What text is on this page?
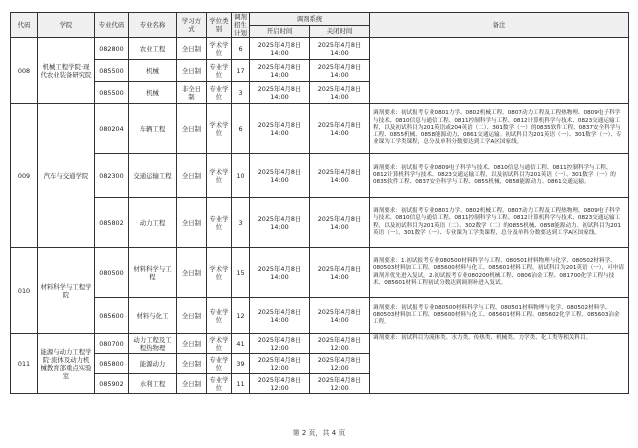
代码	学院	专业代码	专业名称	学习方式	学位类别	调剂招生计划	调剂系统		备注
							开启时间	关闭时间	
008	机械工程学院·现代农业装备研究院	082800	农业工程	全日制	学术学位	6	2025年4月8日
14:00	2025年4月8日
14:00	
		085500	机械	全日制	专业学位	17	2025年4月8日
14:00	2025年4月8日
14:00	
		085500	机械	非全日制	专业学位	3	2025年4月8日
14:00	2025年4月8日
14:00	
009	汽车与交通学院	080204	车辆工程	全日制	学术学位	6	2025年4月8日
14:00	2025年4月8日
14:00	调剂要求：初试报考专业0801力学、0802机械工程、0807动力工程及工程热物理、0809电子科学与技术、0810信息与通信工程、0811控制科学与工程、0812计算机科学与技术、0823交通运输工程，以及初试科目为201英语或204英语（二）、301数学（一）的0835软件工程、0837安全科学与工程、0855机械、0858能源动力、0861交通运输。初试科目为201英语（一）、301数学（一）、专业课为工学类课程，总分及单科分数要达到工学A区国家线。
		082300	交通运输工程	全日制	学术学位	10	2025年4月8日
14:00	2025年4月8日
14:00	调剂要求：初试报考专业0809电子科学与技术、0810信息与通信工程、0811控制科学与工程、0812计算机科学与技术、0823交通运输工程，以及初试科目为201英语（一）、301数学（一）的0835软件工程、0837安全科学与工程、0855机械、0858能源动力、0861交通运输。
		085802	动力工程	全日制	专业学位	3	2025年4月8日
14:00	2025年4月8日
14:00	调剂要求：初试报考专业0801力学、0802机械工程、0807动力工程及工程热物理、0809电子科学与技术、0810信息与通信工程、0811控制科学与工程、0812计算机科学与技术、0823交通运输工程，以及初试科目为201英语（二）、302数学（二）的0855机械、0858能源动力。初试科目为201英语（一）、301数学（一）、专业课为工学类课程，总分及单科分数要达到工学A区国家线。
010	材料科学与工程学院	080500	材料科学与工程	全日制	学术学位	15	2025年4月8日
14:00	2025年4月8日
14:00	调剂要求：1.初试报考专业080500材料科学与工程、080501材料物理与化学、080502材料学、080503材料加工工程、085600材料与化工、085601材料工程，初试科目为201英语（一），可申请调剂并优先进入复试。2.初试报考专业080200机械工程、0806冶金工程、081700化学工程与技术、085601材料工程初试分数达到调剂补进入复试。
		085600	材料与化工	全日制	专业学位	12	2025年4月8日
14:00	2025年4月8日
14:00	调剂要求：初试报考专业080500材料科学与工程、080501材料物理与化学、080502材料学、080503材料加工工程、085600材料与化工、085601材料工程、085602化学工程、085603冶金工程。
011	能源与动力工程学院·流体及动力机械教育部重点实验室	080700	动力工程及工程热物理	全日制	学术学位	41	2025年4月8日
12:00	2025年4月8日
12:00	调剂要求：初试科目为流体类、水力类、传热类、机械类、力学类、化工类等相关科目。
		085800	能源动力	全日制	专业学位	39	2025年4月8日
12:00	2025年4月8日
12:00	
		085902	水利工程	全日制	专业学位	11	2025年4月8日
12:00	2025年4月8日
12:00	
第 2 页，共 4 页
